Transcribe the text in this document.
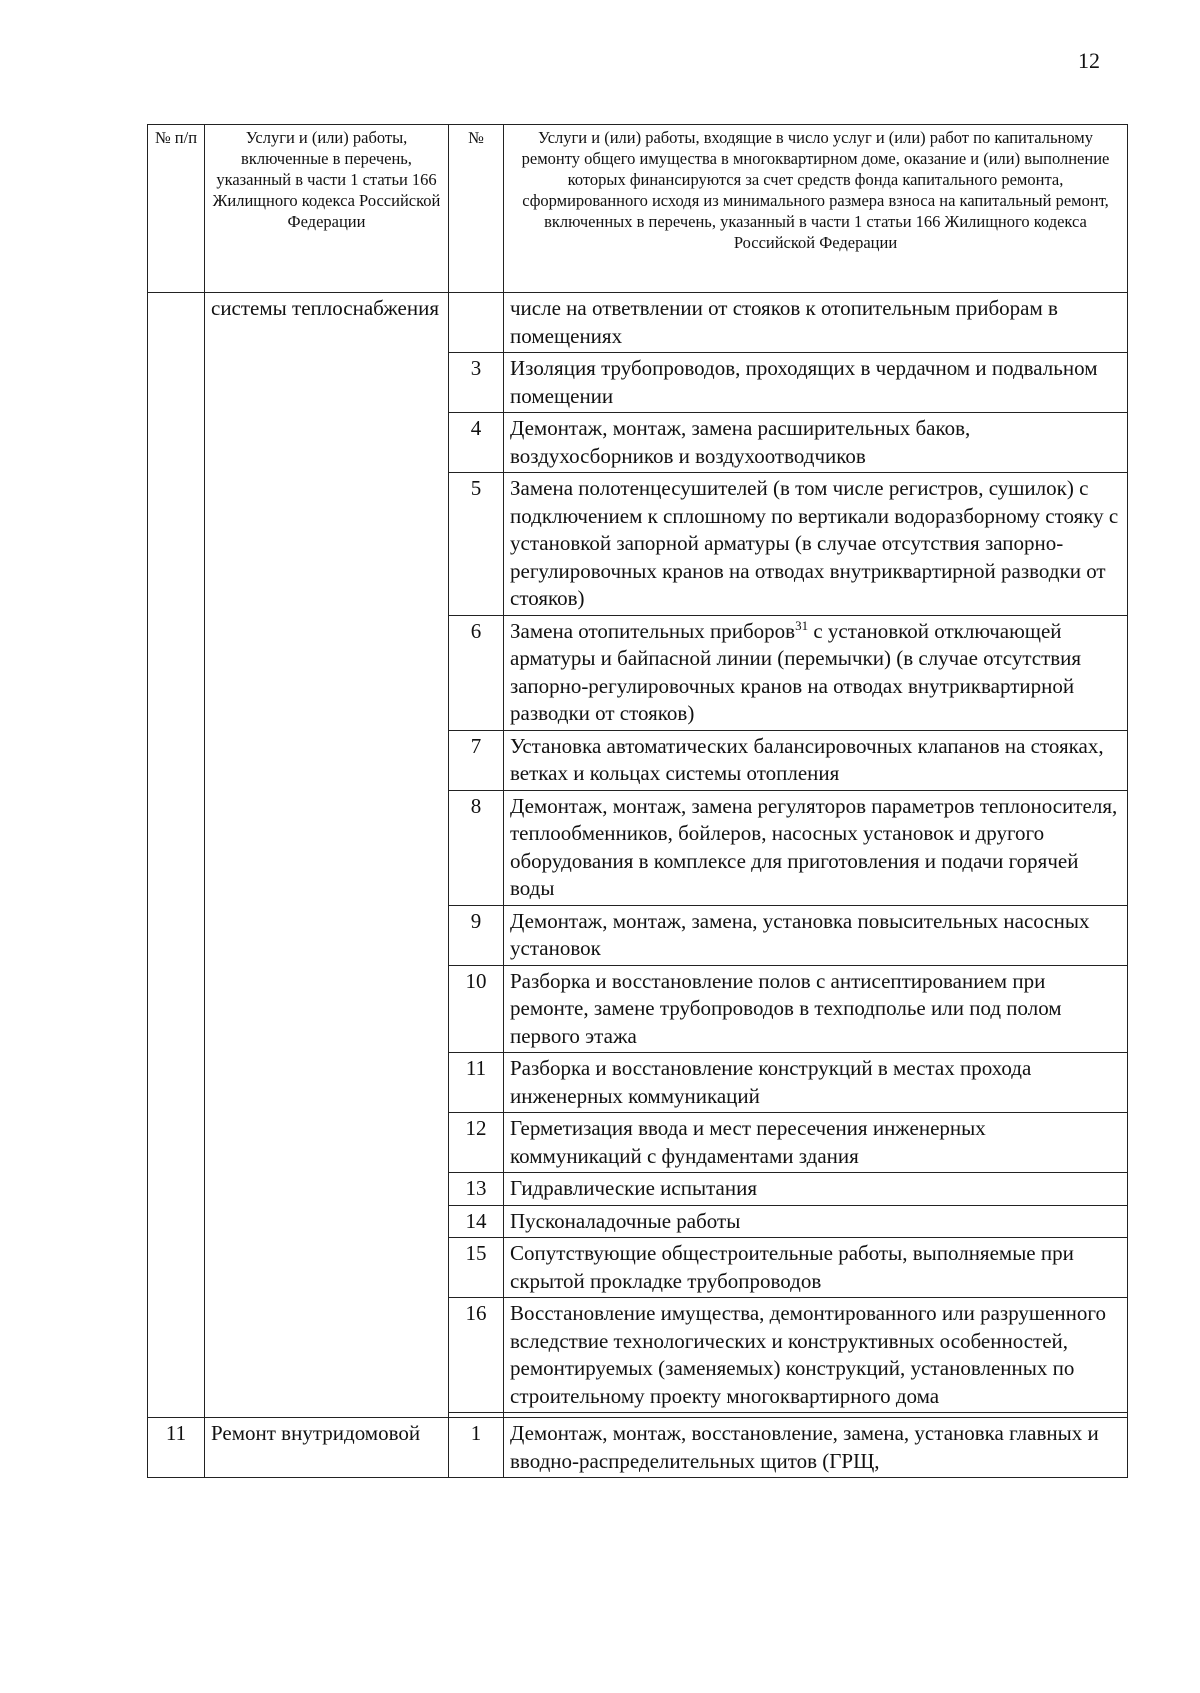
12
№ п/п	Услуги и (или) работы, включенные в перечень, указанный в части 1 статьи 166 Жилищного кодекса Российской Федерации	№	Услуги и (или) работы, входящие в число услуг и (или) работ по капитальному ремонту общего имущества в многоквартирном доме, оказание и (или) выполнение которых финансируются за счет средств фонда капитального ремонта, сформированного исходя из минимального размера взноса на капитальный ремонт, включенных в перечень, указанный в части 1 статьи 166 Жилищного кодекса Российской Федерации
	системы теплоснабжения		числе на ответвлении от стояков к отопительным приборам в помещениях
		3	Изоляция трубопроводов, проходящих в чердачном и подвальном помещении
		4	Демонтаж, монтаж, замена расширительных баков, воздухосборников и воздухоотводчиков
		5	Замена полотенцесушителей (в том числе регистров, сушилок) с подключением к сплошному по вертикали водоразборному стояку с установкой запорной арматуры (в случае отсутствия запорно-регулировочных кранов на отводах внутриквартирной разводки от стояков)
		6	Замена отопительных приборов$^{31}$ с установкой отключающей арматуры и байпасной линии (перемычки) (в случае отсутствия запорно-регулировочных кранов на отводах внутриквартирной разводки от стояков)
		7	Установка автоматических балансировочных клапанов на стояках, ветках и кольцах системы отопления
		8	Демонтаж, монтаж, замена регуляторов параметров теплоносителя, теплообменников, бойлеров, насосных установок и другого оборудования в комплексе для приготовления и подачи горячей воды
		9	Демонтаж, монтаж, замена, установка повысительных насосных установок
		10	Разборка и восстановление полов с антисептированием при ремонте, замене трубопроводов в техподполье или под полом первого этажа
		11	Разборка и восстановление конструкций в местах прохода инженерных коммуникаций
		12	Герметизация ввода и мест пересечения инженерных коммуникаций с фундаментами здания
		13	Гидравлические испытания
		14	Пусконаладочные работы
		15	Сопутствующие общестроительные работы, выполняемые при скрытой прокладке трубопроводов
		16	Восстановление имущества, демонтированного или разрушенного вследствие технологических и конструктивных особенностей, ремонтируемых (заменяемых) конструкций, установленных по строительному проекту многоквартирного дома

11	Ремонт внутридомовой	1	Демонтаж, монтаж, восстановление, замена, установка главных и вводно-распределительных щитов (ГРЩ,
